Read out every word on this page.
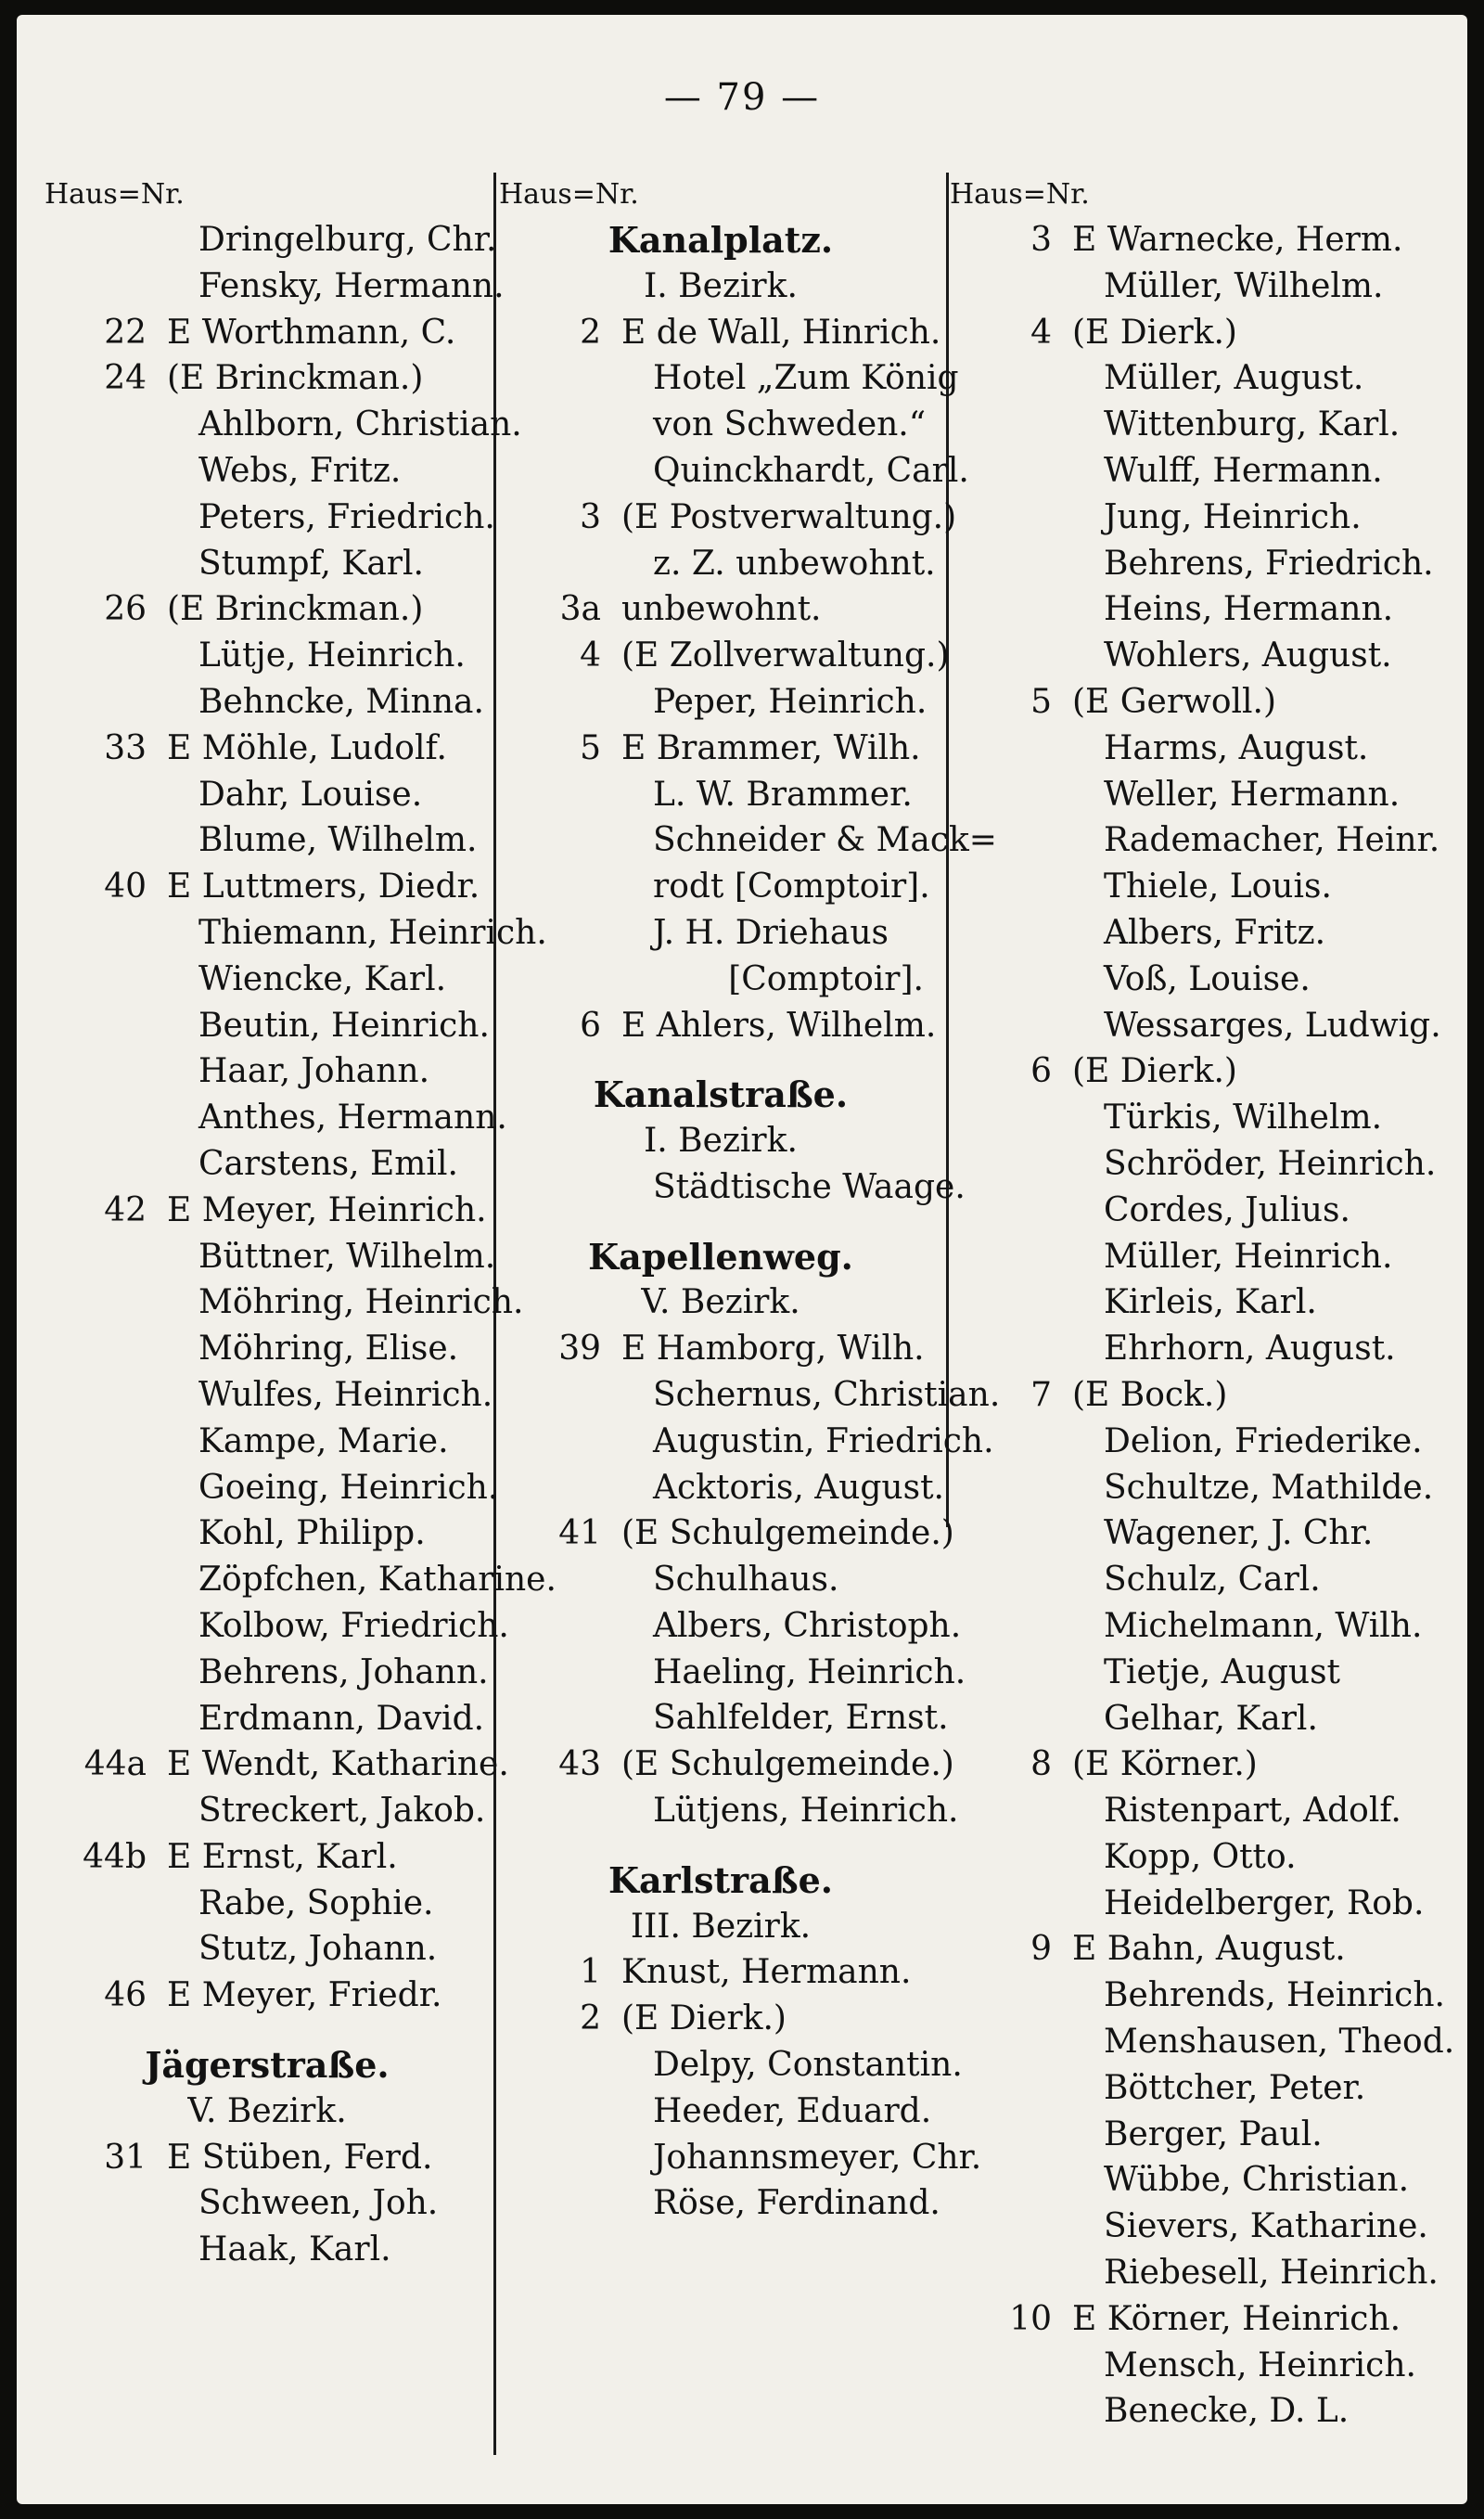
— 79 —
Haus=Nr.
Dringelburg, Chr.
Fensky, Hermann.
22 E Worthmann, C.
24 (E Brinckman.)
Ahlborn, Christian.
Webs, Fritz.
Peters, Friedrich.
Stumpf, Karl.
26 (E Brinckman.)
Lütje, Heinrich.
Behncke, Minna.
33 E Möhle, Ludolf.
Dahr, Louise.
Blume, Wilhelm.
40 E Luttmers, Diedr.
Thiemann, Heinrich.
Wiencke, Karl.
Beutin, Heinrich.
Haar, Johann.
Anthes, Hermann.
Carstens, Emil.
42 E Meyer, Heinrich.
Büttner, Wilhelm.
Möhring, Heinrich.
Möhring, Elise.
Wulfes, Heinrich.
Kampe, Marie.
Goeing, Heinrich.
Kohl, Philipp.
Zöpfchen, Katharine.
Kolbow, Friedrich.
Behrens, Johann.
Erdmann, David.
44a E Wendt, Katharine.
Streckert, Jakob.
44b E Ernst, Karl.
Rabe, Sophie.
Stutz, Johann.
46 E Meyer, Friedr.
Jägerstraße.
V. Bezirk.
31 E Stüben, Ferd.
Schween, Joh.
Haak, Karl.
Haus=Nr.
Kanalplatz.
I. Bezirk.
2 E de Wall, Hinrich.
Hotel „Zum König
von Schweden.“
Quinckhardt, Carl.
3 (E Postverwaltung.)
z. Z. unbewohnt.
3a unbewohnt.
4 (E Zollverwaltung.)
Peper, Heinrich.
5 E Brammer, Wilh.
L. W. Brammer.
Schneider & Mack=
rodt [Comptoir].
J. H. Driehaus
[Comptoir].
6 E Ahlers, Wilhelm.
Kanalstraße.
I. Bezirk.
Städtische Waage.
Kapellenweg.
V. Bezirk.
39 E Hamborg, Wilh.
Schernus, Christian.
Augustin, Friedrich.
Acktoris, August.
41 (E Schulgemeinde.)
Schulhaus.
Albers, Christoph.
Haeling, Heinrich.
Sahlfelder, Ernst.
43 (E Schulgemeinde.)
Lütjens, Heinrich.
Karlstraße.
III. Bezirk.
1 Knust, Hermann.
2 (E Dierk.)
Delpy, Constantin.
Heeder, Eduard.
Johannsmeyer, Chr.
Röse, Ferdinand.
Haus=Nr.
3 E Warnecke, Herm.
Müller, Wilhelm.
4 (E Dierk.)
Müller, August.
Wittenburg, Karl.
Wulff, Hermann.
Jung, Heinrich.
Behrens, Friedrich.
Heins, Hermann.
Wohlers, August.
5 (E Gerwoll.)
Harms, August.
Weller, Hermann.
Rademacher, Heinr.
Thiele, Louis.
Albers, Fritz.
Voß, Louise.
Wessarges, Ludwig.
6 (E Dierk.)
Türkis, Wilhelm.
Schröder, Heinrich.
Cordes, Julius.
Müller, Heinrich.
Kirleis, Karl.
Ehrhorn, August.
7 (E Bock.)
Delion, Friederike.
Schultze, Mathilde.
Wagener, J. Chr.
Schulz, Carl.
Michelmann, Wilh.
Tietje, August
Gelhar, Karl.
8 (E Körner.)
Ristenpart, Adolf.
Kopp, Otto.
Heidelberger, Rob.
9 E Bahn, August.
Behrends, Heinrich.
Menshausen, Theod.
Böttcher, Peter.
Berger, Paul.
Wübbe, Christian.
Sievers, Katharine.
Riebesell, Heinrich.
10 E Körner, Heinrich.
Mensch, Heinrich.
Benecke, D. L.
